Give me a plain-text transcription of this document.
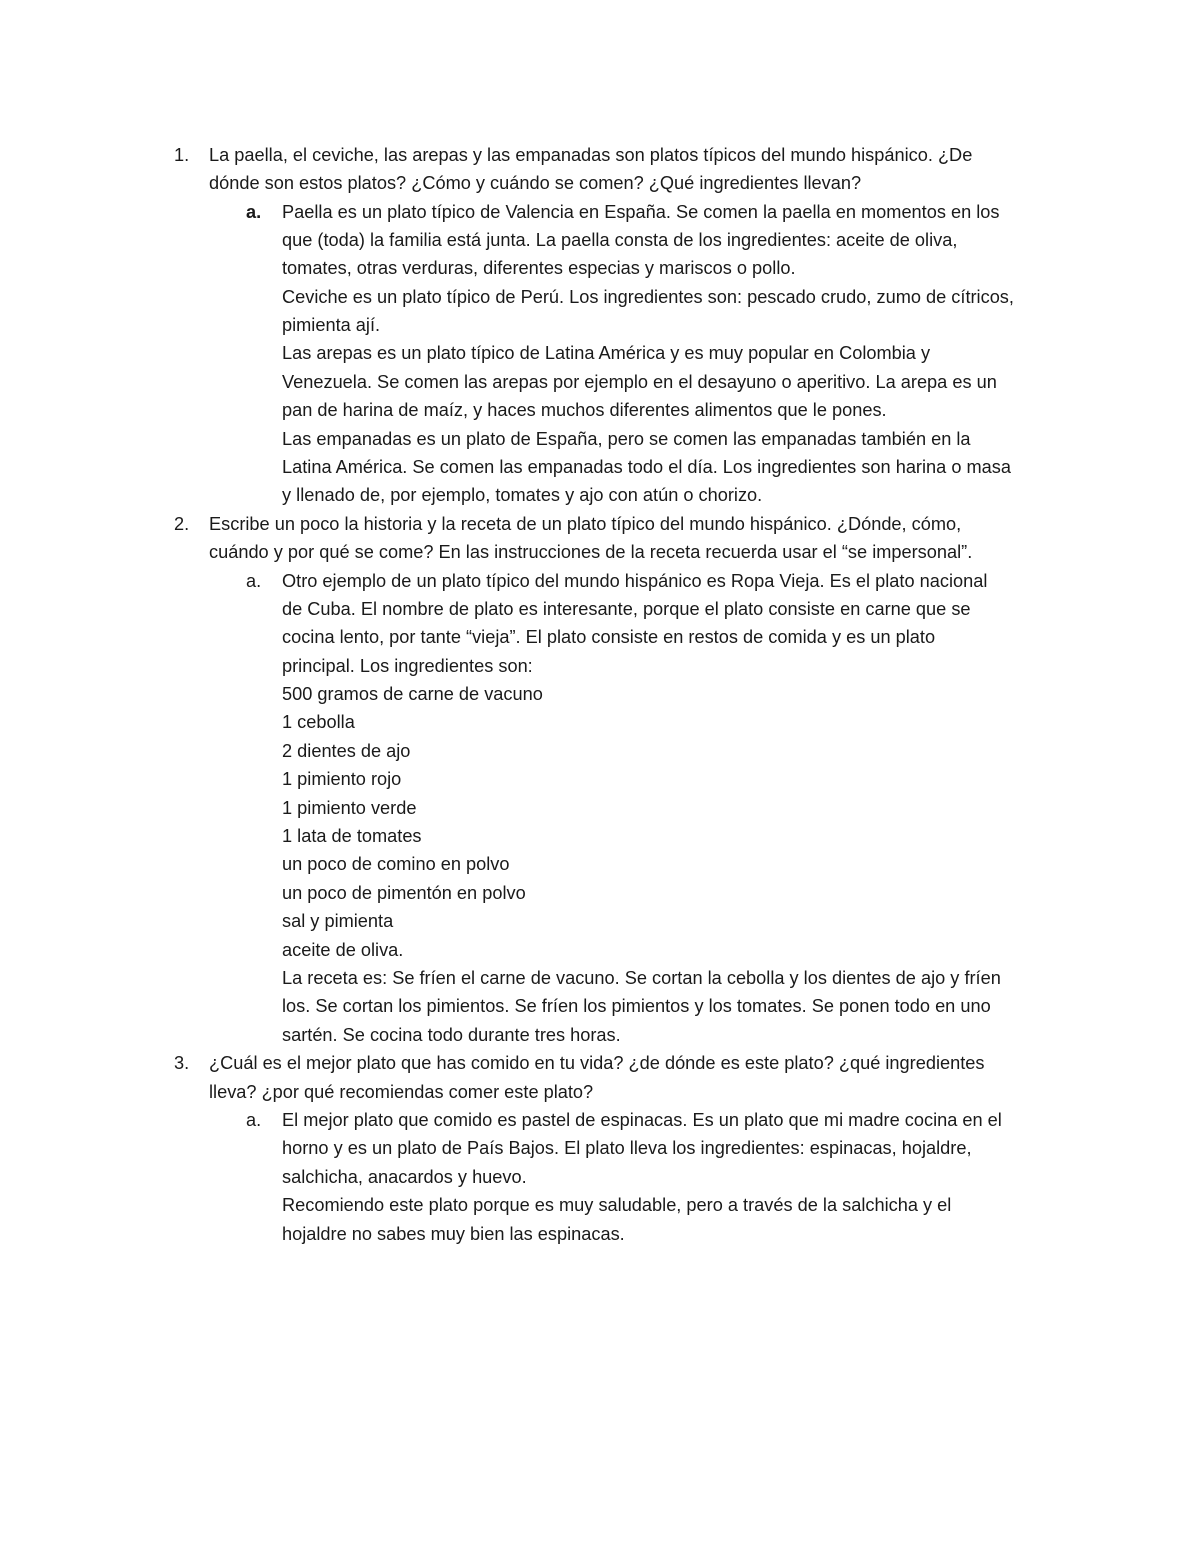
1. La paella, el ceviche, las arepas y las empanadas son platos típicos del mundo hispánico. ¿De
dónde son estos platos? ¿Cómo y cuándo se comen? ¿Qué ingredientes llevan?
a. Paella es un plato típico de Valencia en España. Se comen la paella en momentos en los
que (toda) la familia está junta. La paella consta de los ingredientes: aceite de oliva,
tomates, otras verduras, diferentes especias y mariscos o pollo.
Ceviche es un plato típico de Perú. Los ingredientes son: pescado crudo, zumo de cítricos,
pimienta ají.
Las arepas es un plato típico de Latina América y es muy popular en Colombia y
Venezuela. Se comen las arepas por ejemplo en el desayuno o aperitivo. La arepa es un
pan de harina de maíz, y haces muchos diferentes alimentos que le pones.
Las empanadas es un plato de España, pero se comen las empanadas también en la
Latina América. Se comen las empanadas todo el día. Los ingredientes son harina o masa
y llenado de, por ejemplo, tomates y ajo con atún o chorizo.
2. Escribe un poco la historia y la receta de un plato típico del mundo hispánico. ¿Dónde, cómo,
cuándo y por qué se come? En las instrucciones de la receta recuerda usar el “se impersonal”.
a. Otro ejemplo de un plato típico del mundo hispánico es Ropa Vieja. Es el plato nacional
de Cuba. El nombre de plato es interesante, porque el plato consiste en carne que se
cocina lento, por tante “vieja”. El plato consiste en restos de comida y es un plato
principal. Los ingredientes son:
500 gramos de carne de vacuno
1 cebolla
2 dientes de ajo
1 pimiento rojo
1 pimiento verde
1 lata de tomates
un poco de comino en polvo
un poco de pimentón en polvo
sal y pimienta
aceite de oliva.
La receta es: Se fríen el carne de vacuno. Se cortan la cebolla y los dientes de ajo y fríen
los. Se cortan los pimientos. Se fríen los pimientos y los tomates. Se ponen todo en uno
sartén. Se cocina todo durante tres horas.
3. ¿Cuál es el mejor plato que has comido en tu vida? ¿de dónde es este plato? ¿qué ingredientes
lleva? ¿por qué recomiendas comer este plato?
a. El mejor plato que comido es pastel de espinacas. Es un plato que mi madre cocina en el
horno y es un plato de País Bajos. El plato lleva los ingredientes: espinacas, hojaldre,
salchicha, anacardos y huevo.
Recomiendo este plato porque es muy saludable, pero a través de la salchicha y el
hojaldre no sabes muy bien las espinacas.
